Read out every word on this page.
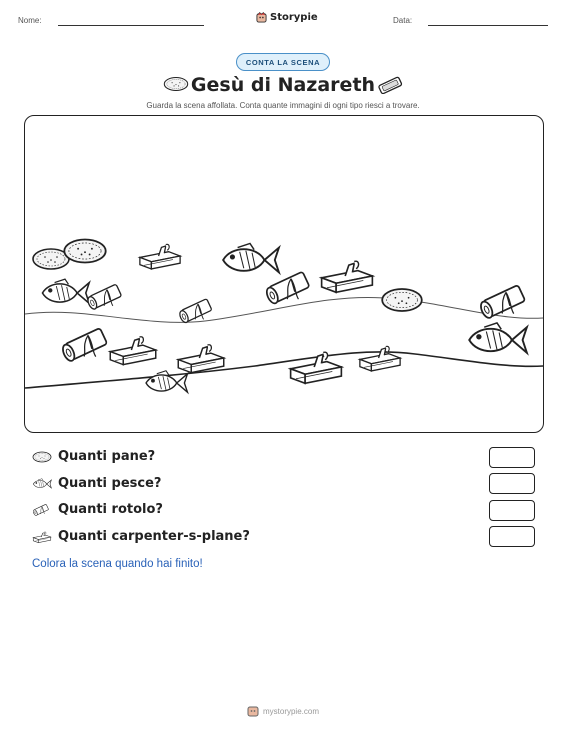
Nome:	Storypie	Data:
CONTA LA SCENA
Gesù di Nazareth
Guarda la scena affollata. Conta quante immagini di ogni tipo riesci a trovare.
Quanti pane?
Quanti pesce?
Quanti rotolo?
Quanti carpenter-s-plane?
Colora la scena quando hai finito!
mystorypie.com
